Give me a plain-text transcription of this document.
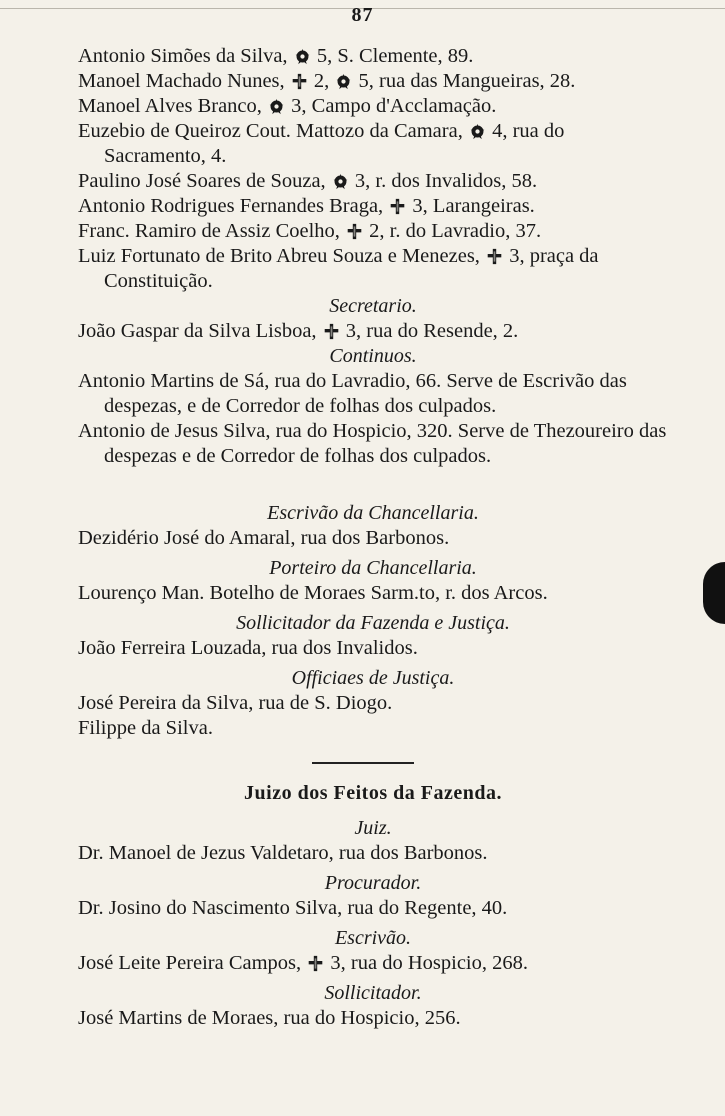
87

Antonio Simões da Silva,  5, S. Clemente, 89.

Manoel Machado Nunes,  2,  5, rua das Mangueiras, 28.

Manoel Alves Branco,  3, Campo d'Acclamação.

Euzebio de Queiroz Cout. Mattozo da Camara,  4, rua do Sacramento, 4.

Paulino José Soares de Souza,  3, r. dos Invalidos, 58.

Antonio Rodrigues Fernandes Braga,  3, Larangeiras.

Franc. Ramiro de Assiz Coelho,  2, r. do Lavradio, 37.

Luiz Fortunato de Brito Abreu Souza e Menezes,  3, praça da Constituição.

Secretario.

João Gaspar da Silva Lisboa,  3, rua do Resende, 2.

Continuos.

Antonio Martins de Sá, rua do Lavradio, 66. Serve de Escrivão das despezas, e de Corredor de folhas dos culpados.

Antonio de Jesus Silva, rua do Hospicio, 320. Serve de Thezoureiro das despezas e de Corredor de folhas dos culpados.

Escrivão da Chancellaria.

Dezidério José do Amaral, rua dos Barbonos.

Porteiro da Chancellaria.

Lourenço Man. Botelho de Moraes Sarm.to, r. dos Arcos.

Sollicitador da Fazenda e Justiça.

João Ferreira Louzada, rua dos Invalidos.

Officiaes de Justiça.

José Pereira da Silva, rua de S. Diogo.

Filippe da Silva.

Juizo dos Feitos da Fazenda.

Juiz.

Dr. Manoel de Jezus Valdetaro, rua dos Barbonos.

Procurador.

Dr. Josino do Nascimento Silva, rua do Regente, 40.

Escrivão.

José Leite Pereira Campos,  3, rua do Hospicio, 268.

Sollicitador.

José Martins de Moraes, rua do Hospicio, 256.
